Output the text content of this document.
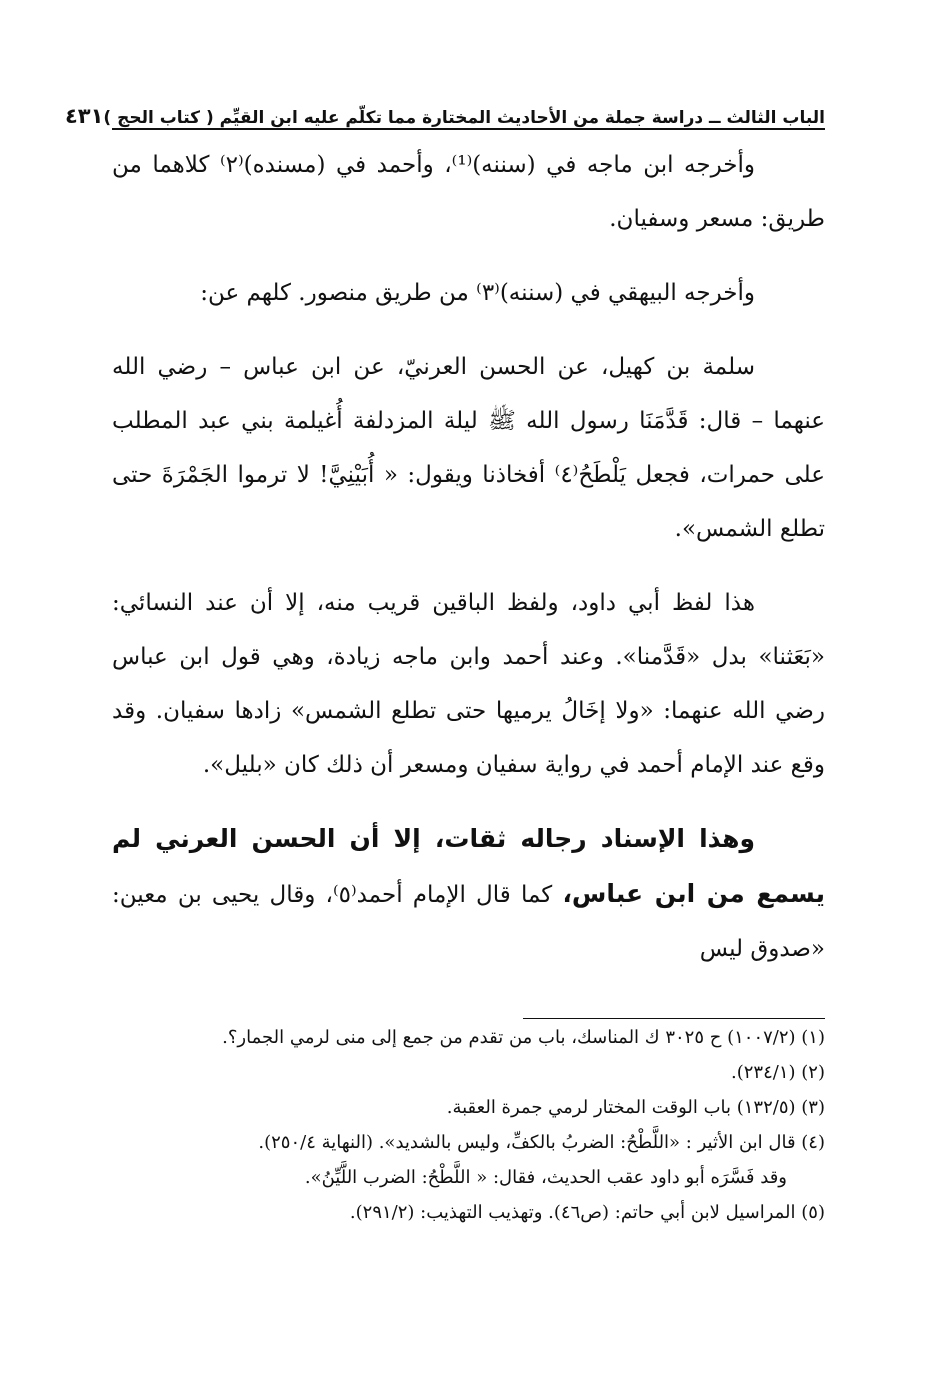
الباب الثالث ــ دراسة جملة من الأحاديث المختارة مما تكلّم عليه ابن القيِّم ( كتاب الحج )
٤٣١

وأخرجه ابن ماجه في (سننه)⁽¹⁾، وأحمد في (مسنده)⁽٢⁾ كلاهما من طريق: مسعر وسفيان.

وأخرجه البيهقي في (سننه)⁽٣⁾ من طريق منصور. كلهم عن:

سلمة بن كهيل، عن الحسن العرنيّ، عن ابن عباس – رضي الله عنهما – قال: قَدَّمَنَا رسول الله ﷺ ليلة المزدلفة أُغيلمة بني عبد المطلب على حمرات، فجعل يَلْطَحُ⁽٤⁾ أفخاذنا ويقول: « أُبَيْنِيَّ! لا ترموا الجَمْرَةَ حتى تطلع الشمس».

هذا لفظ أبي داود، ولفظ الباقين قريب منه، إلا أن عند النسائي: «بَعَثنا» بدل «قَدَّمنا». وعند أحمد وابن ماجه زيادة، وهي قول ابن عباس رضي الله عنهما: «ولا إخَالُ يرميها حتى تطلع الشمس» زادها سفيان. وقد وقع عند الإمام أحمد في رواية سفيان ومسعر أن ذلك كان «بليل».

وهذا الإسناد رجاله ثقات، إلا أن الحسن العرني لم يسمع من ابن عباس، كما قال الإمام أحمد⁽٥⁾، وقال يحيى بن معين: «صدوق ليس

(١) (١٠٠٧/٢) ح ٣٠٢٥ ك المناسك، باب من تقدم من جمع إلى منى لرمي الجمار؟.

(٢) (٢٣٤/١).

(٣) (١٣٢/٥) باب الوقت المختار لرمي جمرة العقبة.

(٤) قال ابن الأثير : «اللَّطْحُ: الضربُ بالكفِّ، وليس بالشديد». (النهاية ٢٥٠/٤).

وقد فَسَّرَه أبو داود عقب الحديث، فقال: « اللَّطْحُ: الضرب اللَّيِّنُ».

(٥) المراسيل لابن أبي حاتم: (ص٤٦). وتهذيب التهذيب: (٢٩١/٢).
